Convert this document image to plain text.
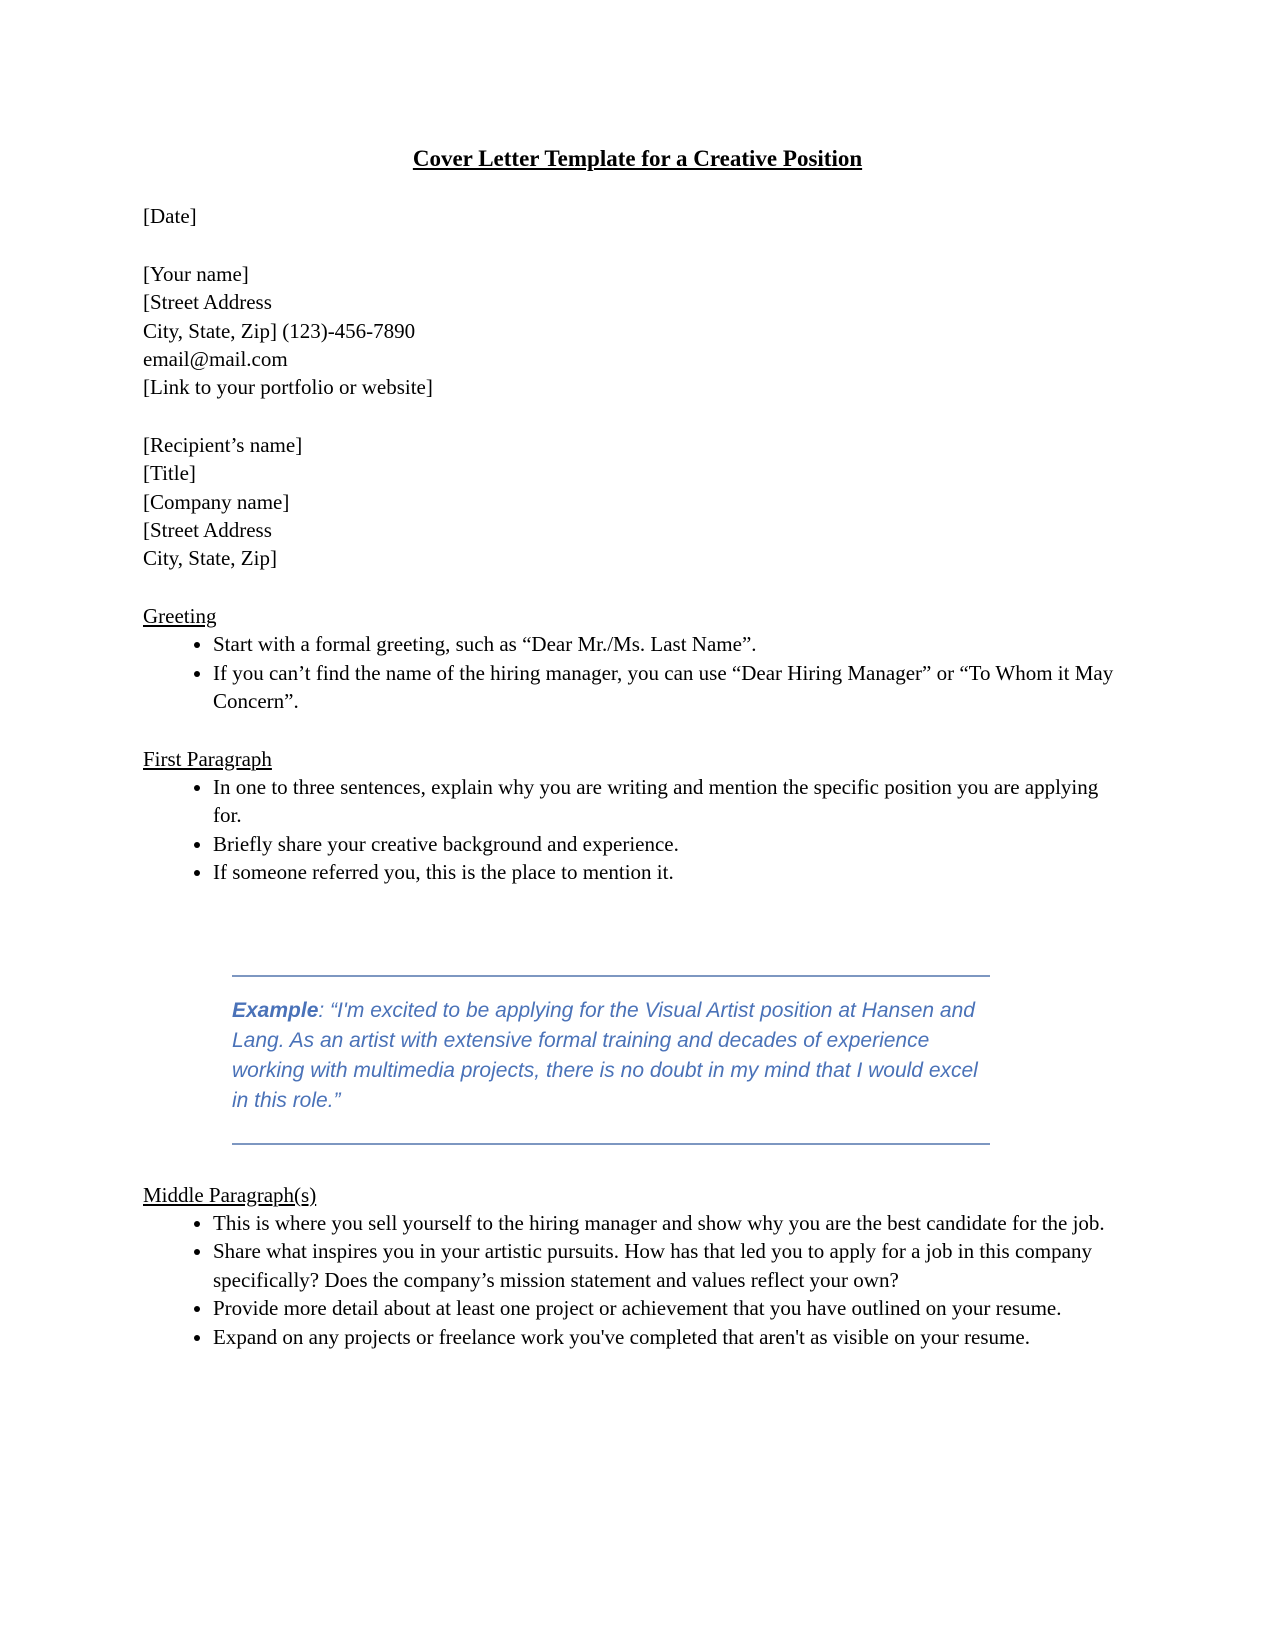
Cover Letter Template for a Creative Position

[Date]

[Your name]

[Street Address

City, State, Zip] (123)-456-7890

email@mail.com

[Link to your portfolio or website]

[Recipient’s name]

[Title]

[Company name]

[Street Address

City, State, Zip]

Greeting
• Start with a formal greeting, such as “Dear Mr./Ms. Last Name”.
• If you can’t find the name of the hiring manager, you can use “Dear Hiring Manager” or “To Whom it May Concern”.
First Paragraph
• In one to three sentences, explain why you are writing and mention the specific position you are applying for.
• Briefly share your creative background and experience.
• If someone referred you, this is the place to mention it.

Example: “I'm excited to be applying for the Visual Artist position at Hansen and Lang. As an artist with extensive formal training and decades of experience working with multimedia projects, there is no doubt in my mind that I would excel in this role.”

Middle Paragraph(s)
• This is where you sell yourself to the hiring manager and show why you are the best candidate for the job.
• Share what inspires you in your artistic pursuits. How has that led you to apply for a job in this company specifically? Does the company’s mission statement and values reflect your own?
• Provide more detail about at least one project or achievement that you have outlined on your resume.
• Expand on any projects or freelance work you've completed that aren't as visible on your resume.
